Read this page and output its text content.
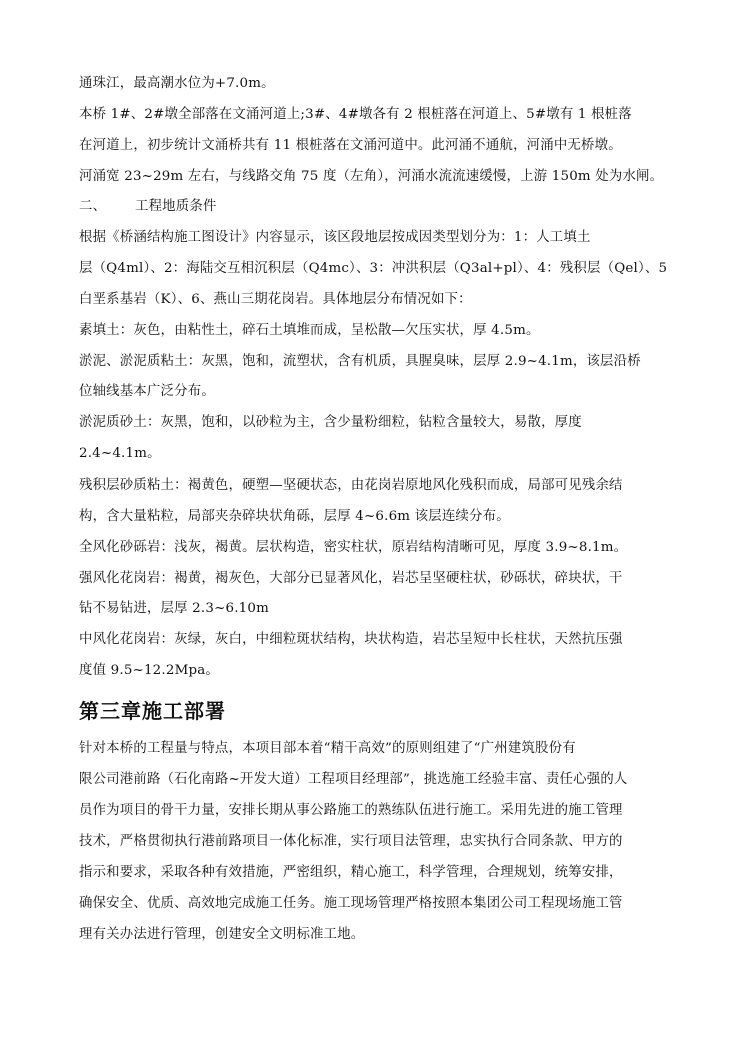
通珠江，最高潮水位为+7.0m。
本桥 1#、2#墩全部落在文涌河道上;3#、4#墩各有 2 根桩落在河道上、5#墩有 1 根桩落
在河道上，初步统计文涌桥共有 11 根桩落在文涌河道中。此河涌不通航，河涌中无桥墩。
河涌宽 23~29m 左右，与线路交角 75 度（左角），河涌水流流速缓慢，上游 150m 处为水闸。
二、 工程地质条件
根据《桥涵结构施工图设计》内容显示，该区段地层按成因类型划分为：1：人工填土
层（Q4ml）、2：海陆交互相沉积层（Q4mc）、3：冲洪积层（Q3al+pl）、4：残积层（Qel）、5
白垩系基岩（K）、6、燕山三期花岗岩。具体地层分布情况如下：
素填土：灰色，由粘性土，碎石土填堆而成，呈松散—欠压实状，厚 4.5m。
淤泥、淤泥质粘土：灰黑，饱和，流塑状，含有机质，具腥臭味，层厚 2.9~4.1m，该层沿桥
位轴线基本广泛分布。
淤泥质砂土：灰黑，饱和，以砂粒为主，含少量粉细粒，钻粒含量较大，易散，厚度
2.4~4.1m。
残积层砂质粘土：褐黄色，硬塑—坚硬状态，由花岗岩原地风化残积而成，局部可见残余结
构，含大量粘粒，局部夹杂碎块状角砾，层厚 4~6.6m 该层连续分布。
全风化砂砾岩：浅灰，褐黄。层状构造，密实柱状，原岩结构清晰可见，厚度 3.9~8.1m。
强风化花岗岩：褐黄，褐灰色，大部分已显著风化，岩芯呈坚硬柱状，砂砾状，碎块状，干
钻不易钻进，层厚 2.3~6.10m
中风化花岗岩：灰绿，灰白，中细粒斑状结构，块状构造，岩芯呈短中长柱状，天然抗压强
度值 9.5~12.2Mpa。
第三章施工部署
针对本桥的工程量与特点，本项目部本着“精干高效”的原则组建了“广州建筑股份有
限公司港前路（石化南路~开发大道）工程项目经理部”，挑选施工经验丰富、责任心强的人
员作为项目的骨干力量，安排长期从事公路施工的熟练队伍进行施工。采用先进的施工管理
技术，严格贯彻执行港前路项目一体化标准，实行项目法管理，忠实执行合同条款、甲方的
指示和要求，采取各种有效措施，严密组织，精心施工，科学管理，合理规划，统筹安排，
确保安全、优质、高效地完成施工任务。施工现场管理严格按照本集团公司工程现场施工管
理有关办法进行管理，创建安全文明标准工地。
